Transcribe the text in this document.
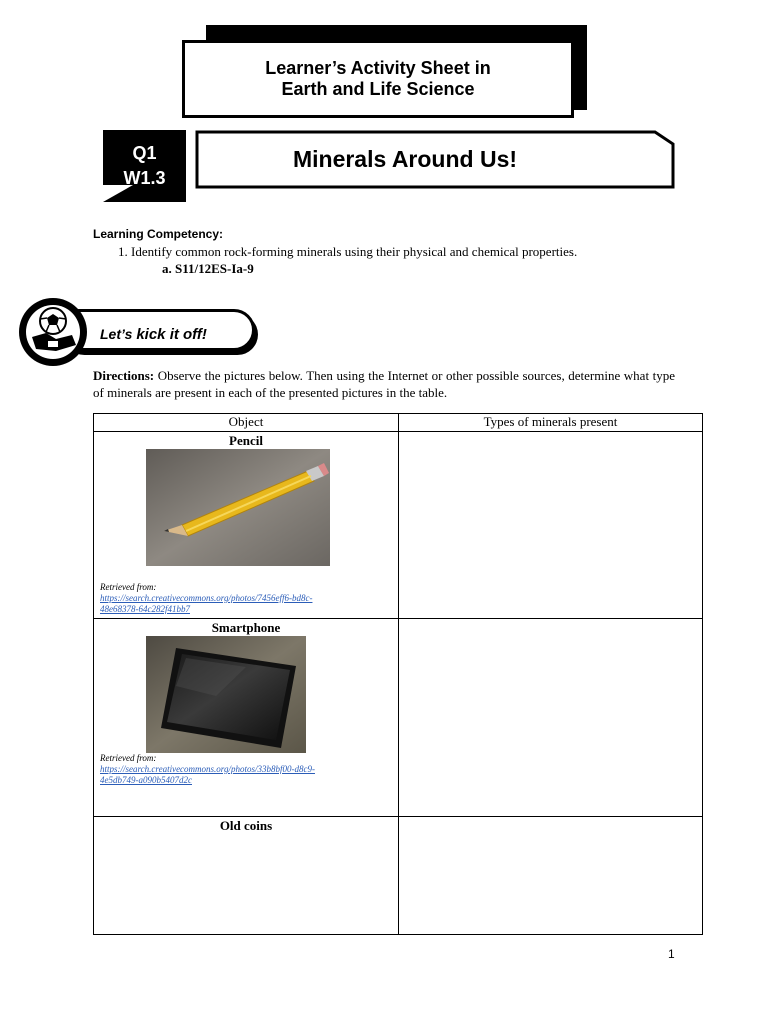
Learner’s Activity Sheet in
Earth and Life Science
Q1
W1.3
Minerals Around Us!
Learning Competency:
1. Identify common rock-forming minerals using their physical and chemical properties.
a. S11/12ES-Ia-9
Let’s kick it off!
Directions: Observe the pictures below. Then using the Internet or other possible sources, determine what type of minerals are present in each of the presented pictures in the table.
Object	Types of minerals present

Pencil
Retrieved from:
https://search.creativecommons.org/photos/7456eff6-bd8c-
48e68378-64c282f41bb7	

Smartphone
Retrieved from:
https://search.creativecommons.org/photos/33b8bf00-d8c9-
4e5db749-a090b5407d2c	

Old coins	

1
